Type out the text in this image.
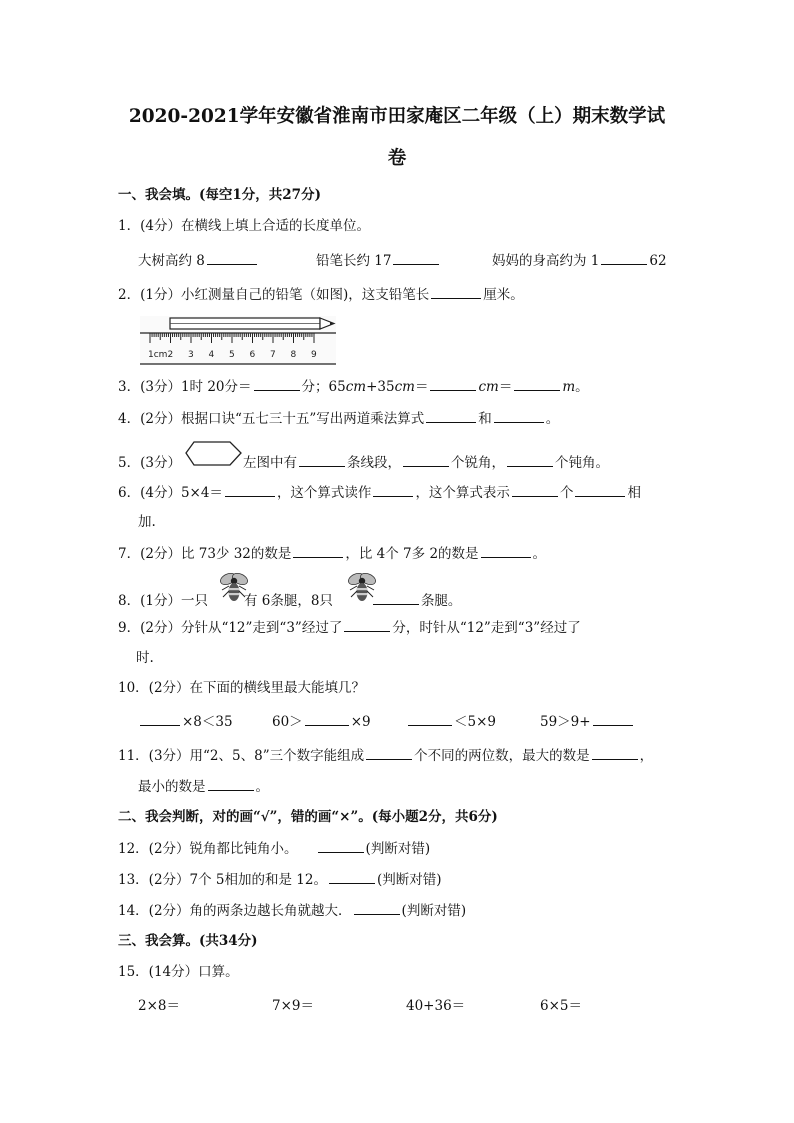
2020-2021学年安徽省淮南市田家庵区二年级（上）期末数学试
卷
一、我会填。(每空1分，共27分)
1．(4分）在横线上填上合适的长度单位。
大树高约 8	铅笔长约 17	妈妈的身高约为 1	62
2．(1分）小红测量自己的铅笔（如图)，这支铅笔长	厘米。
1cm 2 3 4 5 6 7 8 9
3．(3分）1时 20分＝	分；65cm+35cm＝	cm＝	m。
4．(2分）根据口诀“五七三十五”写出两道乘法算式	和	。
5．(3分）	左图中有	条线段，	个锐角，	个钝角。
6．(4分）5×4＝	，这个算式读作	，这个算式表示	个	相
加.
7．(2分）比 73少 32的数是	，比 4个 7多 2的数是	。
8．(1分）一只	有 6条腿，8只	条腿。
9．(2分）分针从“12”走到“3”经过了	分，时针从“12”走到“3”经过了
时.
10．(2分）在下面的横线里最大能填几？
×8＜35	60＞	×9	＜5×9	59＞9+
11．(3分）用“2、5、8”三个数字能组成	个不同的两位数，最大的数是	，
最小的数是	。
二、我会判断，对的画“√”，错的画“×”。(每小题2分，共6分)
12．(2分）锐角都比钝角小。	(判断对错)
13．(2分）7个 5相加的和是 12。	(判断对错)
14．(2分）角的两条边越长角就越大．	(判断对错)
三、我会算。(共34分)
15．(14分）口算。
2×8＝	7×9＝	40+36＝	6×5＝
